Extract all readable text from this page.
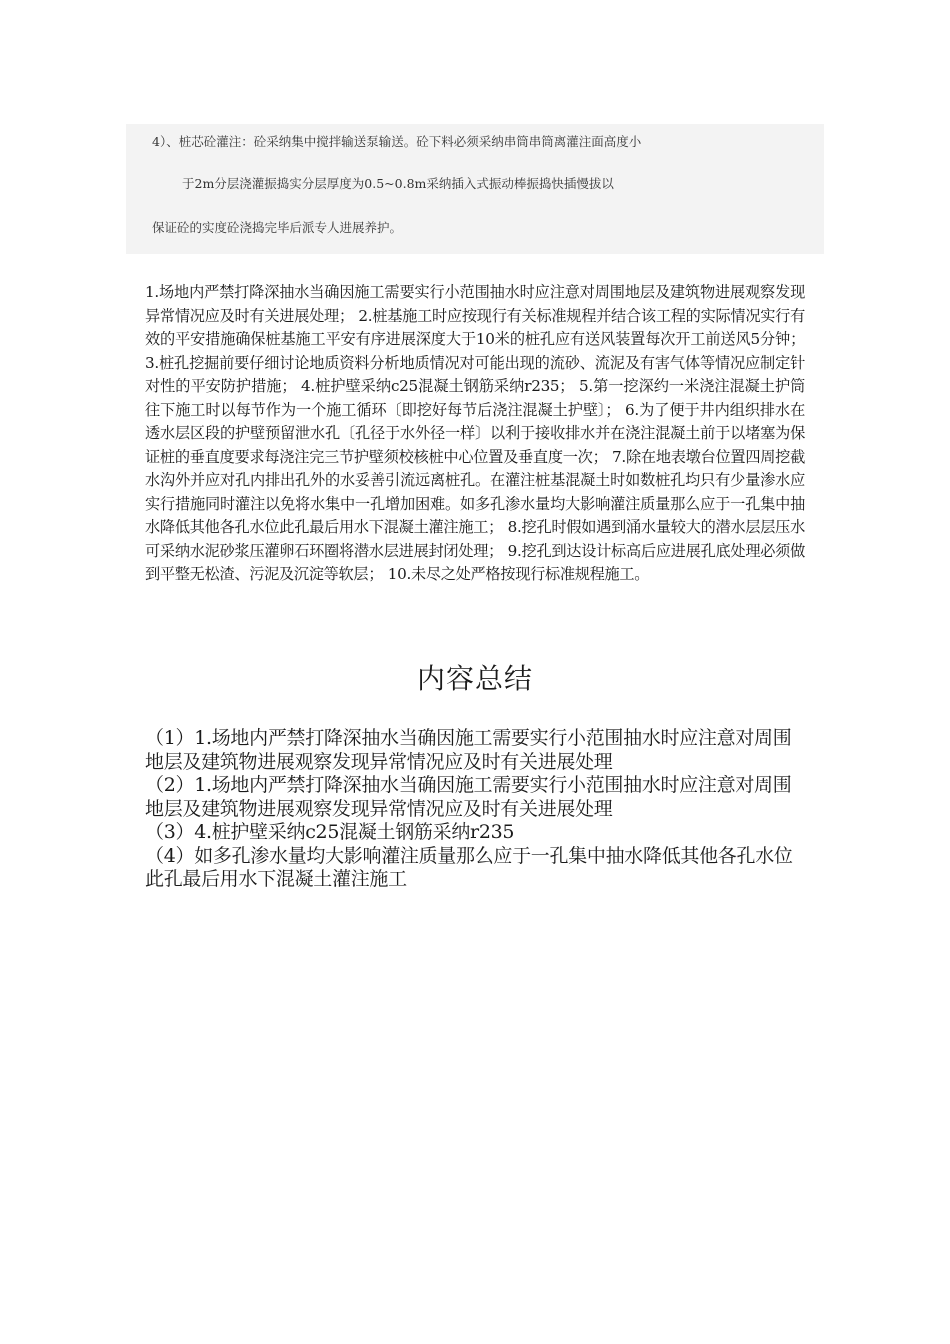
4）、桩芯砼灌注：砼采纳集中搅拌输送泵输送。砼下料必须采纳串筒串筒离灌注面高度小
于2m分层浇灌振捣实分层厚度为0.5~0.8m采纳插入式振动棒振捣快插慢拔以
保证砼的实度砼浇捣完毕后派专人进展养护。

1.场地内严禁打降深抽水当确因施工需要实行小范围抽水时应注意对周围地层及建筑物进展观察发现异常情况应及时有关进展处理； 2.桩基施工时应按现行有关标准规程并结合该工程的实际情况实行有效的平安措施确保桩基施工平安有序进展深度大于10米的桩孔应有送风装置每次开工前送风5分钟； 3.桩孔挖掘前要仔细讨论地质资料分析地质情况对可能出现的流砂、流泥及有害气体等情况应制定针对性的平安防护措施； 4.桩护壁采纳c25混凝土钢筋采纳r235； 5.第一挖深约一米浇注混凝土护筒往下施工时以每节作为一个施工循环〔即挖好每节后浇注混凝土护壁〕； 6.为了便于井内组织排水在透水层区段的护壁预留泄水孔〔孔径于水外径一样〕以利于接收排水并在浇注混凝土前于以堵塞为保证桩的垂直度要求每浇注完三节护壁须校核桩中心位置及垂直度一次； 7.除在地表墩台位置四周挖截水沟外并应对孔内排出孔外的水妥善引流远离桩孔。在灌注桩基混凝土时如数桩孔均只有少量渗水应实行措施同时灌注以免将水集中一孔增加困难。如多孔渗水量均大影响灌注质量那么应于一孔集中抽水降低其他各孔水位此孔最后用水下混凝土灌注施工； 8.挖孔时假如遇到涌水量较大的潜水层层压水可采纳水泥砂浆压灌卵石环圈将潜水层进展封闭处理； 9.挖孔到达设计标高后应进展孔底处理必须做到平整无松渣、污泥及沉淀等软层； 10.未尽之处严格按现行标准规程施工。

内容总结
（1）1.场地内严禁打降深抽水当确因施工需要实行小范围抽水时应注意对周围地层及建筑物进展观察发现异常情况应及时有关进展处理
（2）1.场地内严禁打降深抽水当确因施工需要实行小范围抽水时应注意对周围地层及建筑物进展观察发现异常情况应及时有关进展处理
（3）4.桩护壁采纳c25混凝土钢筋采纳r235
（4）如多孔渗水量均大影响灌注质量那么应于一孔集中抽水降低其他各孔水位此孔最后用水下混凝土灌注施工
